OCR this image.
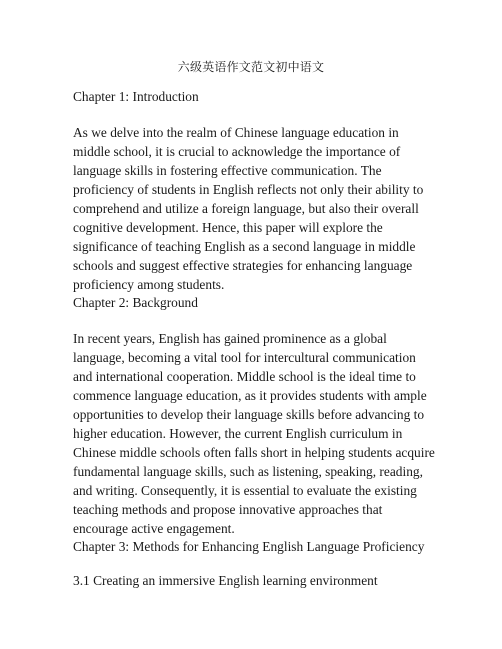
六级英语作文范文初中语文
Chapter 1: Introduction
As we delve into the realm of Chinese language education in middle school, it is crucial to acknowledge the importance of language skills in fostering effective communication. The proficiency of students in English reflects not only their ability to comprehend and utilize a foreign language, but also their overall cognitive development. Hence, this paper will explore the significance of teaching English as a second language in middle schools and suggest effective strategies for enhancing language proficiency among students.
Chapter 2: Background
In recent years, English has gained prominence as a global language, becoming a vital tool for intercultural communication and international cooperation. Middle school is the ideal time to commence language education, as it provides students with ample opportunities to develop their language skills before advancing to higher education. However, the current English curriculum in Chinese middle schools often falls short in helping students acquire fundamental language skills, such as listening, speaking, reading, and writing. Consequently, it is essential to evaluate the existing teaching methods and propose innovative approaches that encourage active engagement.
Chapter 3: Methods for Enhancing English Language Proficiency
3.1 Creating an immersive English learning environment
